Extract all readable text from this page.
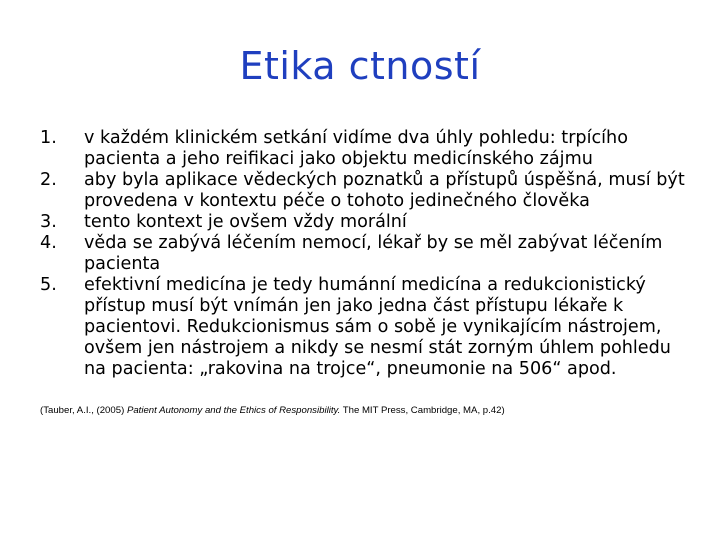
Etika ctností
1.	v každém klinickém setkání vidíme dva úhly pohledu: trpícího pacienta a jeho reifikaci jako objektu medicínského zájmu
2.	aby byla aplikace vědeckých poznatků a přístupů úspěšná, musí být provedena v kontextu péče o tohoto jedinečného člověka
3.	tento kontext je ovšem vždy morální
4.	věda se zabývá léčením nemocí, lékař by se měl zabývat léčením pacienta
5.	efektivní medicína je tedy humánní medicína a redukcionistický přístup musí být vnímán jen jako jedna část přístupu lékaře k pacientovi. Redukcionismus sám o sobě je vynikajícím nástrojem, ovšem jen nástrojem a nikdy se nesmí stát zorným úhlem pohledu na pacienta: „rakovina na trojce“, pneumonie na 506“ apod.
(Tauber, A.I., (2005) Patient Autonomy and the Ethics of Responsibility. The MIT Press, Cambridge, MA, p.42)
